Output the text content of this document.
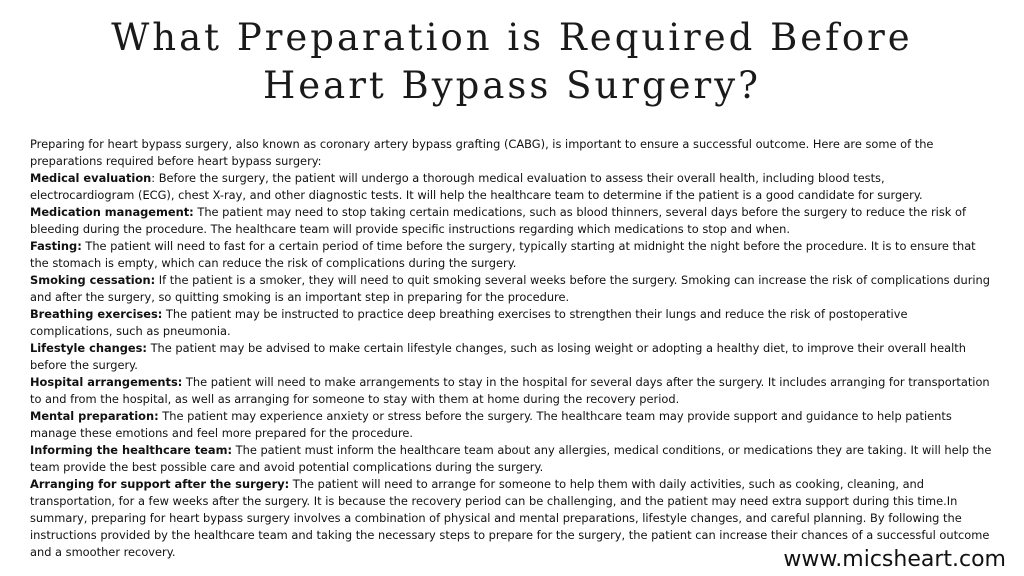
What Preparation is Required Before
Heart Bypass Surgery?

Preparing for heart bypass surgery, also known as coronary artery bypass grafting (CABG), is important to ensure a successful outcome. Here are some of the preparations required before heart bypass surgery:

Medical evaluation: Before the surgery, the patient will undergo a thorough medical evaluation to assess their overall health, including blood tests, electrocardiogram (ECG), chest X-ray, and other diagnostic tests. It will help the healthcare team to determine if the patient is a good candidate for surgery.

Medication management: The patient may need to stop taking certain medications, such as blood thinners, several days before the surgery to reduce the risk of bleeding during the procedure. The healthcare team will provide specific instructions regarding which medications to stop and when.

Fasting: The patient will need to fast for a certain period of time before the surgery, typically starting at midnight the night before the procedure. It is to ensure that the stomach is empty, which can reduce the risk of complications during the surgery.

Smoking cessation: If the patient is a smoker, they will need to quit smoking several weeks before the surgery. Smoking can increase the risk of complications during and after the surgery, so quitting smoking is an important step in preparing for the procedure.

Breathing exercises: The patient may be instructed to practice deep breathing exercises to strengthen their lungs and reduce the risk of postoperative complications, such as pneumonia.

Lifestyle changes: The patient may be advised to make certain lifestyle changes, such as losing weight or adopting a healthy diet, to improve their overall health before the surgery.

Hospital arrangements: The patient will need to make arrangements to stay in the hospital for several days after the surgery. It includes arranging for transportation to and from the hospital, as well as arranging for someone to stay with them at home during the recovery period.

Mental preparation: The patient may experience anxiety or stress before the surgery. The healthcare team may provide support and guidance to help patients manage these emotions and feel more prepared for the procedure.

Informing the healthcare team: The patient must inform the healthcare team about any allergies, medical conditions, or medications they are taking. It will help the team provide the best possible care and avoid potential complications during the surgery.

Arranging for support after the surgery: The patient will need to arrange for someone to help them with daily activities, such as cooking, cleaning, and transportation, for a few weeks after the surgery. It is because the recovery period can be challenging, and the patient may need extra support during this time.In summary, preparing for heart bypass surgery involves a combination of physical and mental preparations, lifestyle changes, and careful planning. By following the instructions provided by the healthcare team and taking the necessary steps to prepare for the surgery, the patient can increase their chances of a successful outcome and a smoother recovery.	www.micsheart.com
